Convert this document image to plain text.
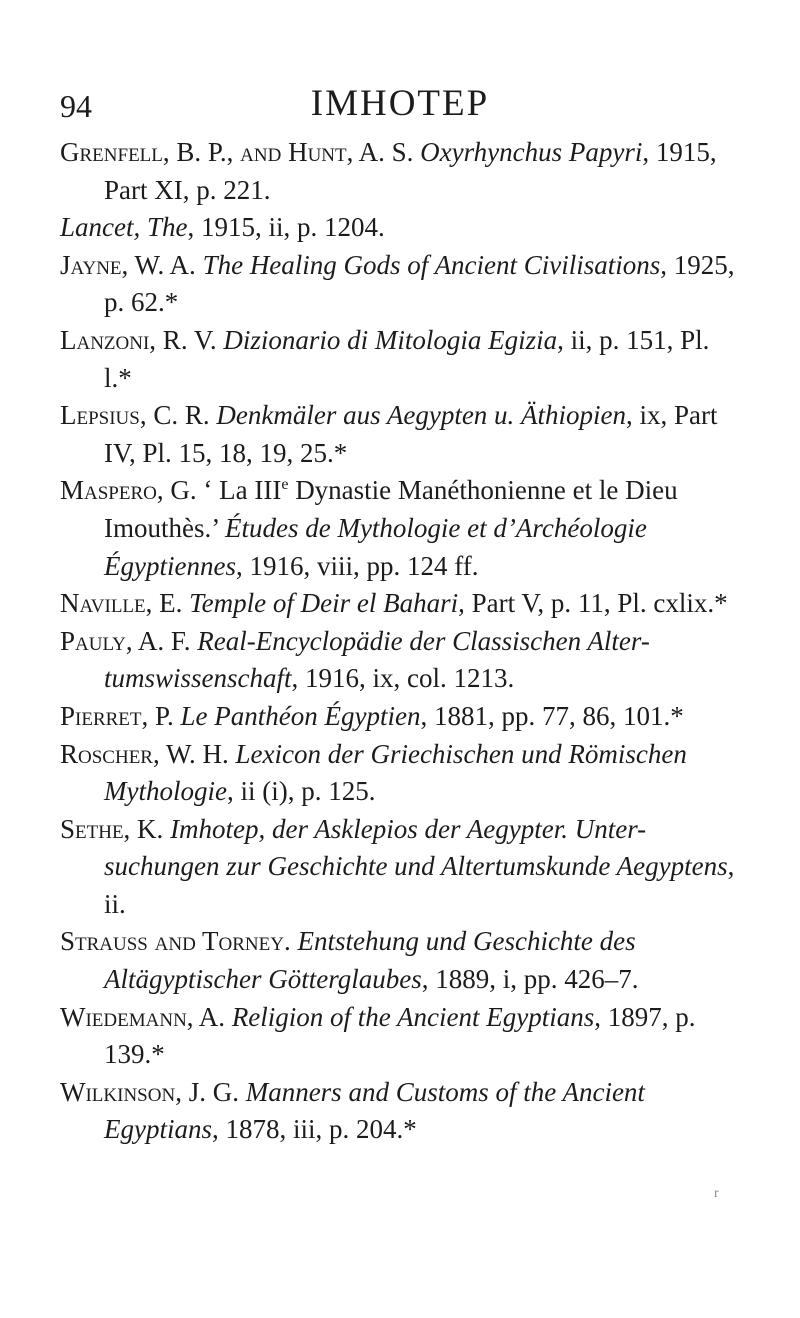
94	IMHOTEP
Grenfell, B. P., and Hunt, A. S. Oxyrhynchus Papyri, 1915, Part XI, p. 221.
Lancet, The, 1915, ii, p. 1204.
Jayne, W. A. The Healing Gods of Ancient Civilisations, 1925, p. 62.*
Lanzoni, R. V. Dizionario di Mitologia Egizia, ii, p. 151, Pl. l.*
Lepsius, C. R. Denkmäler aus Aegypten u. Äthiopien, ix, Part IV, Pl. 15, 18, 19, 25.*
Maspero, G. ‘ La IIIe Dynastie Manéthonienne et le Dieu Imouthès.’ Études de Mythologie et d’Archéologie Égyptiennes, 1916, viii, pp. 124 ff.
Naville, E. Temple of Deir el Bahari, Part V, p. 11, Pl. cxlix.*
Pauly, A. F. Real-Encyclopädie der Classischen Alter-tumswissenschaft, 1916, ix, col. 1213.
Pierret, P. Le Panthéon Égyptien, 1881, pp. 77, 86, 101.*
Roscher, W. H. Lexicon der Griechischen und Römischen Mythologie, ii (i), p. 125.
Sethe, K. Imhotep, der Asklepios der Aegypter. Unter-suchungen zur Geschichte und Altertumskunde Aegyptens, ii.
Strauss and Torney. Entstehung und Geschichte des Altägyptischer Götterglaubes, 1889, i, pp. 426–7.
Wiedemann, A. Religion of the Ancient Egyptians, 1897, p. 139.*
Wilkinson, J. G. Manners and Customs of the Ancient Egyptians, 1878, iii, p. 204.*
r
